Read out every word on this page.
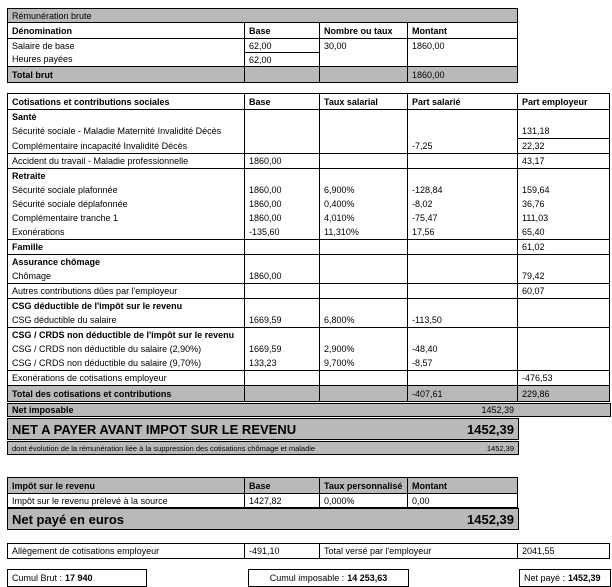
Rémunération brute			
Dénomination	Base	Nombre ou taux	Montant
Salaire de base	62,00	30,00	1860,00
Heures payées	62,00		
Total brut			1860,00
Cotisations et contributions sociales	Base	Taux salarial	Part salarié	Part employeur
Santé				
Sécurité sociale - Maladie Maternité Invalidité Décès				131,18
Complémentaire incapacité Invalidité Décès			-7,25	22,32
Accident du travail - Maladie professionnelle	1860,00			43,17
Retraite				
Sécurité sociale plafonnée	1860,00	6,900%	-128,84	159,64
Sécurité sociale déplafonnée	1860,00	0,400%	-8,02	36,76
Complémentaire tranche 1	1860,00	4,010%	-75,47	111,03
Exonérations	-135,60	11,310%	17,56	65,40
Famille				61,02
Assurance chômage				
Chômage	1860,00			79,42
Autres contributions dûes par l'employeur				60,07
CSG déductible de l'impôt sur le revenu				
CSG déductible du salaire	1669,59	6,800%	-113,50	
CSG / CRDS non déductible de l'impôt sur le revenu				
CSG / CRDS non déductible du salaire (2,90%)	1669,59	2,900%	-48,40	
CSG / CRDS non déductible du salaire (9,70%)	133,23	9,700%	-8,57	
Exonérations de cotisations employeur				-476,53
Total des cotisations et contributions			-407,61	229,86
Net imposable	1452,39
NET A PAYER AVANT IMPOT SUR LE REVENU	1452,39
dont évolution de la rémunération liée à la suppression des cotisations chômage et maladie	1452,39
Impôt sur le revenu	Base	Taux personnalisé	Montant
Impôt sur le revenu prélevé à la source	1427,82	0,000%	0,00
Net payé en euros	1452,39
Allègement de cotisations employeur	-491,10	Total versé par l'employeur	2041,55
Cumul Brut : 17 940	Cumul imposable : 14 253,63	Net payé : 1452,39
